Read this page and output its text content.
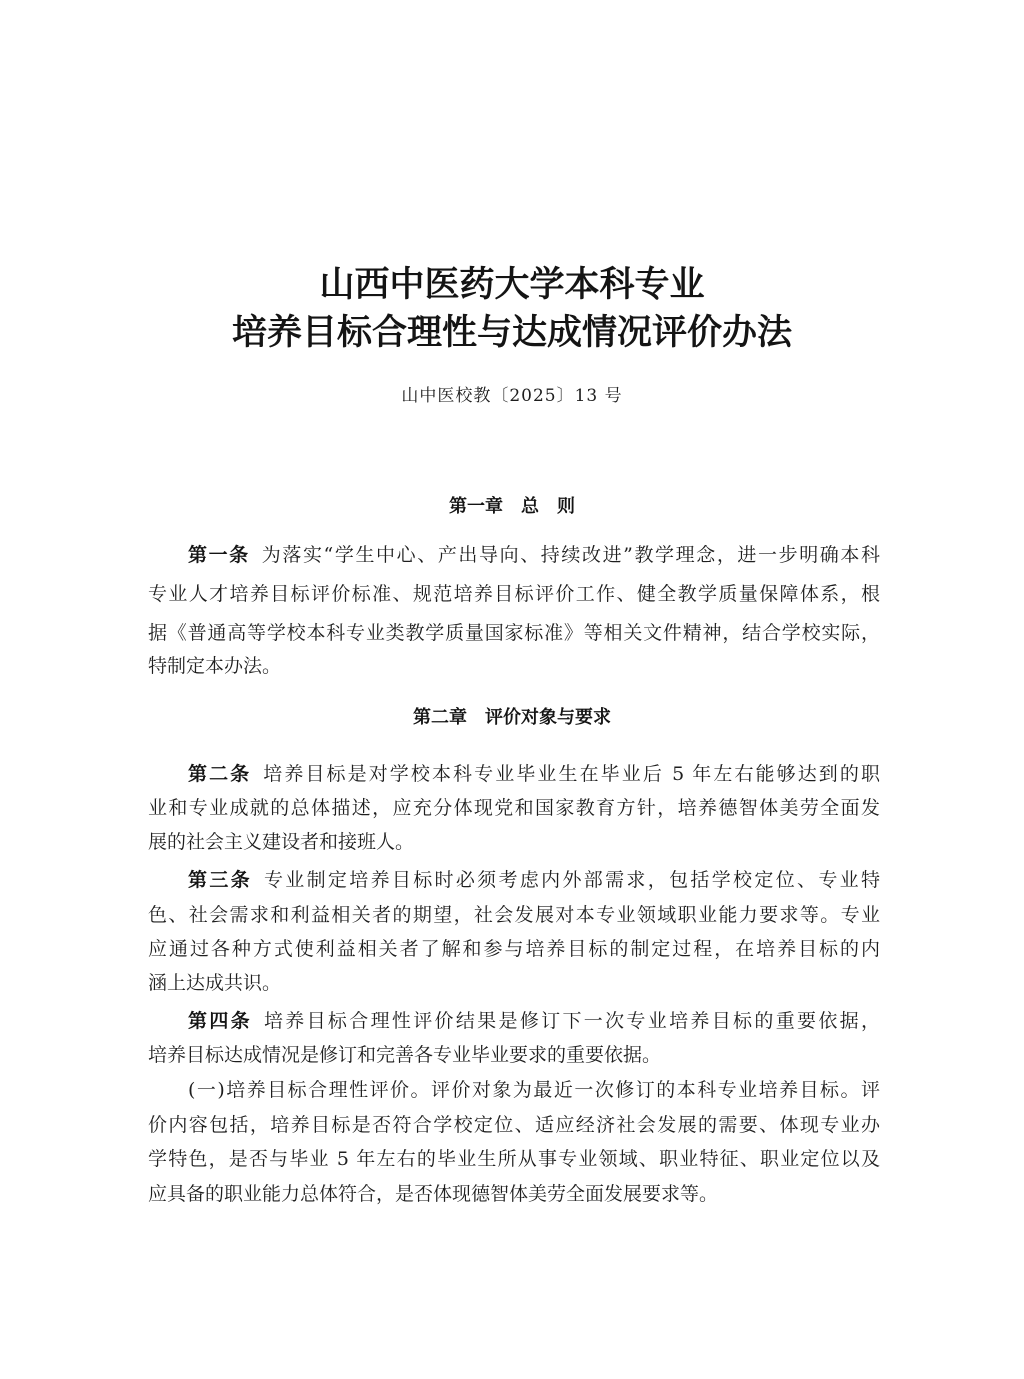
山西中医药大学本科专业
培养目标合理性与达成情况评价办法
山中医校教〔2025〕13 号
第一章　总　则
第一条 为落实“学生中心、产出导向、持续改进”教学理念，进一步明确本科
专业人才培养目标评价标准、规范培养目标评价工作、健全教学质量保障体系，根
据《普通高等学校本科专业类教学质量国家标准》等相关文件精神，结合学校实际，
特制定本办法。
第二章　评价对象与要求
第二条 培养目标是对学校本科专业毕业生在毕业后 5 年左右能够达到的职
业和专业成就的总体描述，应充分体现党和国家教育方针，培养德智体美劳全面发
展的社会主义建设者和接班人。
第三条 专业制定培养目标时必须考虑内外部需求，包括学校定位、专业特
色、社会需求和利益相关者的期望，社会发展对本专业领域职业能力要求等。专业
应通过各种方式使利益相关者了解和参与培养目标的制定过程，在培养目标的内
涵上达成共识。
第四条 培养目标合理性评价结果是修订下一次专业培养目标的重要依据，
培养目标达成情况是修订和完善各专业毕业要求的重要依据。
(一)培养目标合理性评价。评价对象为最近一次修订的本科专业培养目标。评
价内容包括，培养目标是否符合学校定位、适应经济社会发展的需要、体现专业办
学特色，是否与毕业 5 年左右的毕业生所从事专业领域、职业特征、职业定位以及
应具备的职业能力总体符合，是否体现德智体美劳全面发展要求等。
